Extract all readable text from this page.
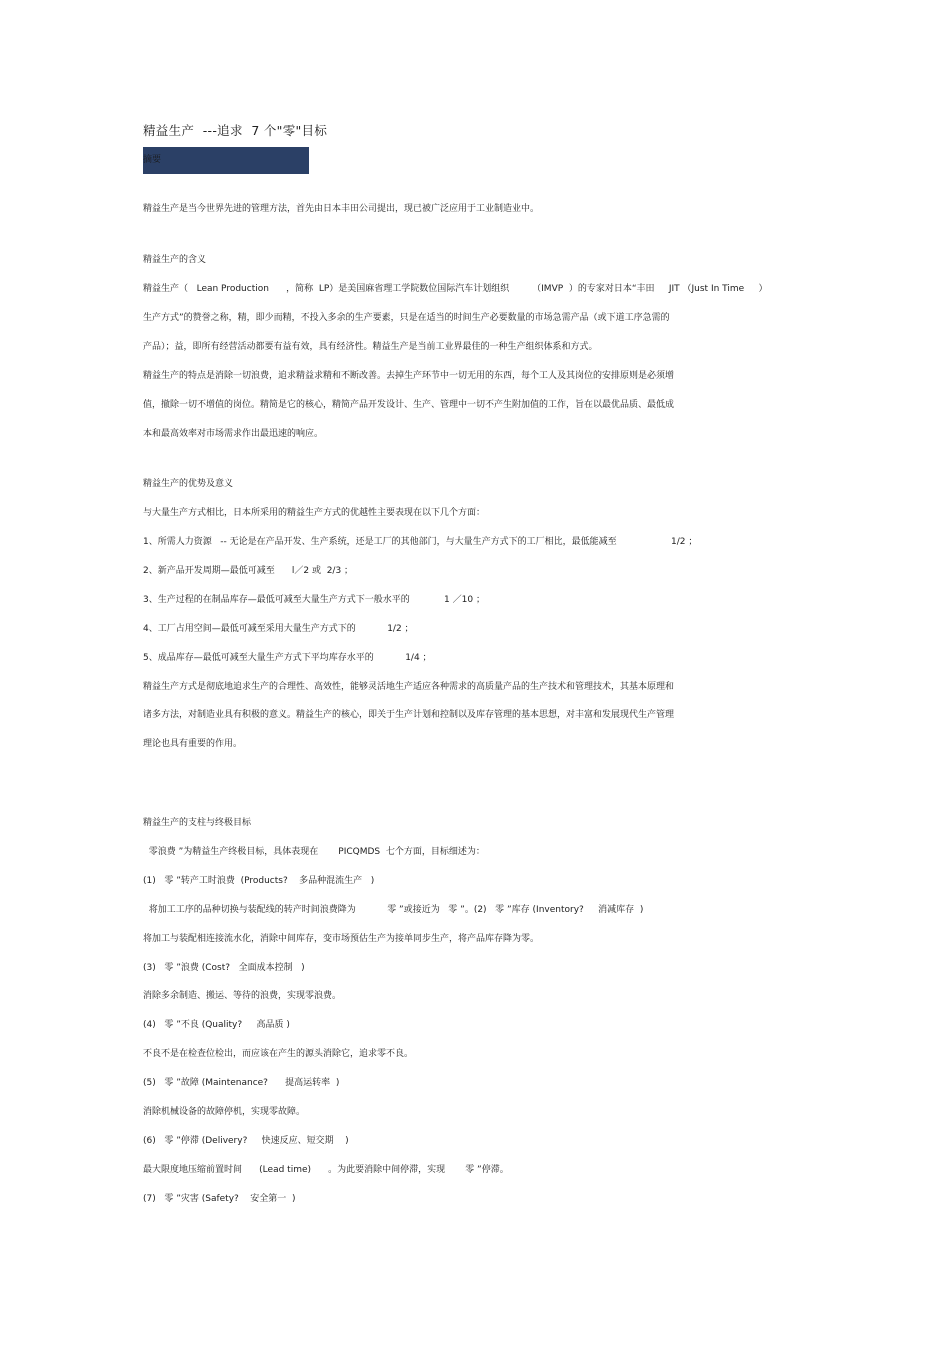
精益生产  ---追求  7 个"零"目标
摘要
精益生产是当今世界先进的管理方法，首先由日本丰田公司提出，现已被广泛应用于工业制造业中。
精益生产的含义
精益生产（   Lean Production      ，简称  LP）是美国麻省理工学院数位国际汽车计划组织        （IMVP  ）的专家对日本“丰田     JIT （Just In Time     ）
生产方式”的赞誉之称，精，即少而精，不投入多余的生产要素，只是在适当的时间生产必要数量的市场急需产品（或下道工序急需的
产品）；益，即所有经营活动都要有益有效，具有经济性。精益生产是当前工业界最佳的一种生产组织体系和方式。
精益生产的特点是消除一切浪费，追求精益求精和不断改善。去掉生产环节中一切无用的东西，每个工人及其岗位的安排原则是必须增
值，撤除一切不增值的岗位。精简是它的核心，精简产品开发设计、生产、管理中一切不产生附加值的工作，旨在以最优品质、最低成
本和最高效率对市场需求作出最迅速的响应。
精益生产的优势及意义
与大量生产方式相比，日本所采用的精益生产方式的优越性主要表现在以下几个方面：
1、所需人力资源   -- 无论是在产品开发、生产系统，还是工厂的其他部门，与大量生产方式下的工厂相比，最低能减至                   1/2 ；
2、新产品开发周期—最低可减至      l／2 或  2/3 ；
3、生产过程的在制品库存—最低可减至大量生产方式下一般水平的            1 ／10 ；
4、工厂占用空间—最低可减至采用大量生产方式下的           1/2 ；
5、成品库存—最低可减至大量生产方式下平均库存水平的           1/4 ；
精益生产方式是彻底地追求生产的合理性、高效性，能够灵活地生产适应各种需求的高质量产品的生产技术和管理技术，其基本原理和
诸多方法，对制造业具有积极的意义。精益生产的核心，即关于生产计划和控制以及库存管理的基本思想，对丰富和发展现代生产管理
理论也具有重要的作用。
精益生产的支柱与终极目标
零浪费 ”为精益生产终极目标，具体表现在       PICQMDS  七个方面，目标细述为：
(1)   零 ”转产工时浪费  (Products?    多品种混流生产   )
将加工工序的品种切换与装配线的转产时间浪费降为           零 ”或接近为   零 ”。(2)   零 ”库存 (Inventory?     消减库存  )
将加工与装配相连接流水化，消除中间库存，变市场预估生产为接单同步生产，将产品库存降为零。
(3)   零 ”浪费 (Cost?   全面成本控制   )
消除多余制造、搬运、等待的浪费，实现零浪费。
(4)   零 ”不良 (Quality?     高品质 )
不良不是在检查位检出，而应该在产生的源头消除它，追求零不良。
(5)   零 ”故障 (Maintenance?      提高运转率  )
消除机械设备的故障停机，实现零故障。
(6)   零 ”停滞 (Delivery?     快速反应、短交期    )
最大限度地压缩前置时间      (Lead time)      。为此要消除中间停滞，实现       零 ”停滞。
(7)   零 ”灾害 (Safety?    安全第一  )
